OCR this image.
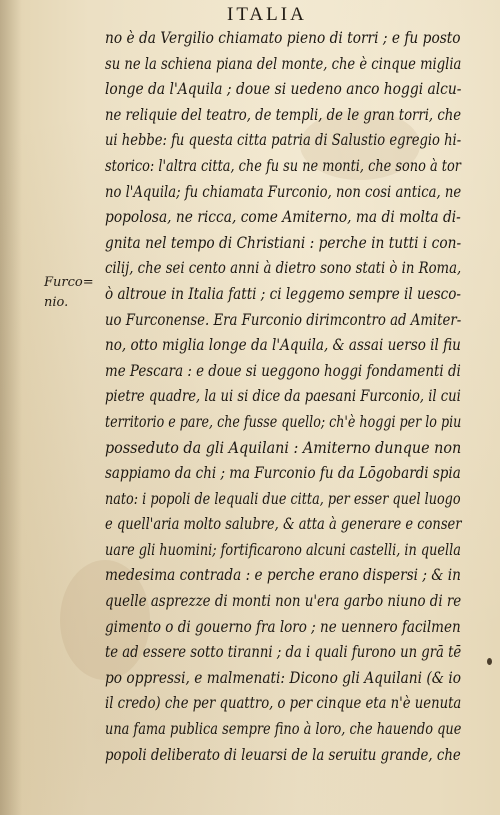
ITALIA
Furco=
nio.
no è da Vergilio chiamato pieno di torri ; e fu posto
su ne la schiena piana del monte, che è cinque miglia
longe da l'Aquila ; doue si uedeno anco hoggi alcu-
ne reliquie del teatro, de templi, de le gran torri, che
ui hebbe: fu questa citta patria di Salustio egregio hi-
storico: l'altra citta, che fu su ne monti, che sono à tor
no l'Aquila; fu chiamata Furconio, non cosi antica, ne
popolosa, ne ricca, come Amiterno, ma di molta di-
gnita nel tempo di Christiani : perche in tutti i con-
cilij, che sei cento anni à dietro sono stati ò in Roma,
ò altroue in Italia fatti ; ci leggemo sempre il uesco-
uo Furconense. Era Furconio dirimcontro ad Amiter-
no, otto miglia longe da l'Aquila, & assai uerso il fiu
me Pescara : e doue si ueggono hoggi fondamenti di
pietre quadre, la ui si dice da paesani Furconio, il cui
territorio e pare, che fusse quello; ch'è hoggi per lo piu
posseduto da gli Aquilani : Amiterno dunque non
sappiamo da chi ; ma Furconio fu da Lōgobardi spia
nato: i popoli de lequali due citta, per esser quel luogo
e quell'aria molto salubre, & atta à generare e conser
uare gli huomini; fortificarono alcuni castelli, in quella
medesima contrada : e perche erano dispersi ; & in
quelle asprezze di monti non u'era garbo niuno di re
gimento o di gouerno fra loro ; ne uennero facilmen
te ad essere sotto tiranni ; da i quali furono un grā tē
po oppressi, e malmenati: Dicono gli Aquilani (& io
il credo) che per quattro, o per cinque eta n'è uenuta
una fama publica sempre fino à loro, che hauendo que
popoli deliberato di leuarsi de la seruitu grande, che
